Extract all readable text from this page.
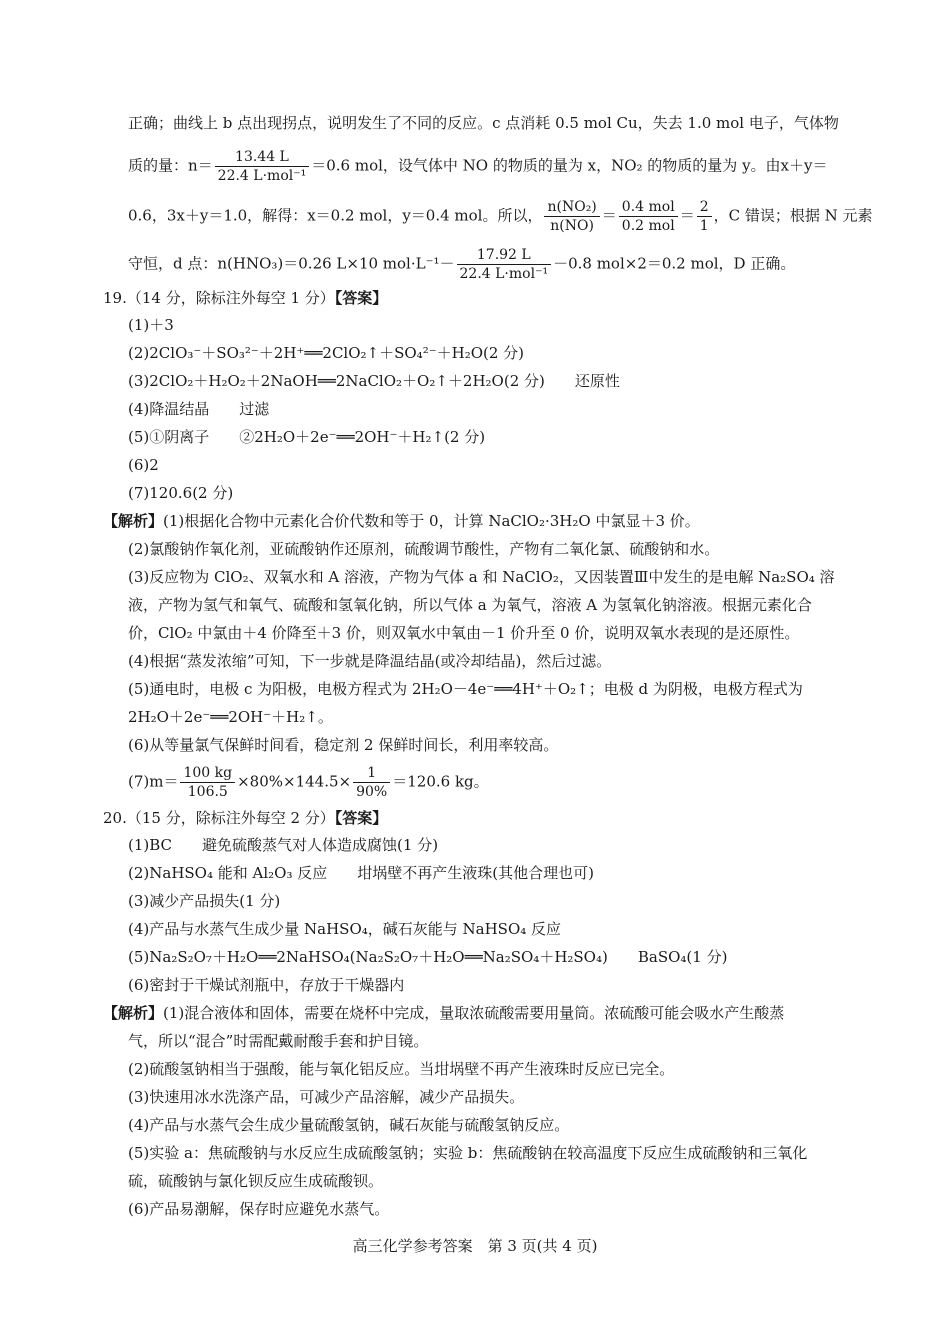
正确；曲线上 b 点出现拐点，说明发生了不同的反应。c 点消耗 0.5 mol Cu，失去 1.0 mol 电子，气体物
质的量：$n= \frac{13.44 L}{\text{22.4 L·mol⁻¹}} =0.6$ mol，设气体中 NO 的物质的量为 x，NO₂ 的物质的量为 y。由x＋y＝
0.6，3x＋y＝1.0，解得：x＝0.2 mol，y＝0.4 mol。所以， $\frac{\text{n(NO₂)}}{n(NO)} = \frac{\text{0.4 mol}}{\text{0.2 mol}} = \frac{2}{1}$ ，C 错误；根据 N 元素
守恒，d 点：n(HNO₃)＝0.26 L×10 $mol\cdot L^{-1}- \frac{17.92 L}{\text{22.4 L·mol⁻¹}} -0.8$ mol×2＝0.2 mol，D 正确。
19.（14 分，除标注外每空 1 分）【答案】
(1)＋3
(2)2ClO₃⁻＋SO₃²⁻＋2H⁺══2ClO₂↑＋SO₄²⁻＋H₂O(2 分)
(3)2ClO₂＋H₂O₂＋2NaOH══2NaClO₂＋O₂↑＋2H₂O(2 分)　　还原性
(4)降温结晶　　过滤
(5)①阴离子　　②2H₂O＋2e⁻══2OH⁻＋H₂↑(2 分)
(6)2
(7)120.6(2 分)
【解析】(1)根据化合物中元素化合价代数和等于 0，计算 NaClO₂·3H₂O 中氯显＋3 价。
(2)氯酸钠作氧化剂，亚硫酸钠作还原剂，硫酸调节酸性，产物有二氧化氯、硫酸钠和水。
(3)反应物为 ClO₂、双氧水和 A 溶液，产物为气体 a 和 NaClO₂，又因装置Ⅲ中发生的是电解 Na₂SO₄ 溶
液，产物为氢气和氧气、硫酸和氢氧化钠，所以气体 a 为氧气，溶液 A 为氢氧化钠溶液。根据元素化合
价，ClO₂ 中氯由＋4 价降至＋3 价，则双氧水中氧由－1 价升至 0 价，说明双氧水表现的是还原性。
(4)根据“蒸发浓缩”可知，下一步就是降温结晶(或冷却结晶)，然后过滤。
(5)通电时，电极 c 为阳极，电极方程式为 2H₂O－4e⁻══4H⁺＋O₂↑；电极 d 为阴极，电极方程式为
2H₂O＋2e⁻══2OH⁻＋H₂↑。
(6)从等量氯气保鲜时间看，稳定剂 2 保鲜时间长，利用率较高。
$(7)m= \frac{100 kg}{106.5} \times 80\%\times 144.5\times \frac{1}{90\%} =120.6$ kg。
20.（15 分，除标注外每空 2 分）【答案】
(1)BC　　避免硫酸蒸气对人体造成腐蚀(1 分)
(2)NaHSO₄ 能和 Al₂O₃ 反应　　坩埚壁不再产生液珠(其他合理也可)
(3)减少产品损失(1 分)
(4)产品与水蒸气生成少量 NaHSO₄，碱石灰能与 NaHSO₄ 反应
(5)Na₂S₂O₇＋H₂O══2NaHSO₄(Na₂S₂O₇＋H₂O══Na₂SO₄＋H₂SO₄)　　BaSO₄(1 分)
(6)密封于干燥试剂瓶中，存放于干燥器内
【解析】(1)混合液体和固体，需要在烧杯中完成，量取浓硫酸需要用量筒。浓硫酸可能会吸水产生酸蒸
气，所以“混合”时需配戴耐酸手套和护目镜。
(2)硫酸氢钠相当于强酸，能与氧化铝反应。当坩埚壁不再产生液珠时反应已完全。
(3)快速用冰水洗涤产品，可减少产品溶解，减少产品损失。
(4)产品与水蒸气会生成少量硫酸氢钠，碱石灰能与硫酸氢钠反应。
(5)实验 a：焦硫酸钠与水反应生成硫酸氢钠；实验 b：焦硫酸钠在较高温度下反应生成硫酸钠和三氧化
硫，硫酸钠与氯化钡反应生成硫酸钡。
(6)产品易潮解，保存时应避免水蒸气。
高三化学参考答案　第 3 页(共 4 页)
